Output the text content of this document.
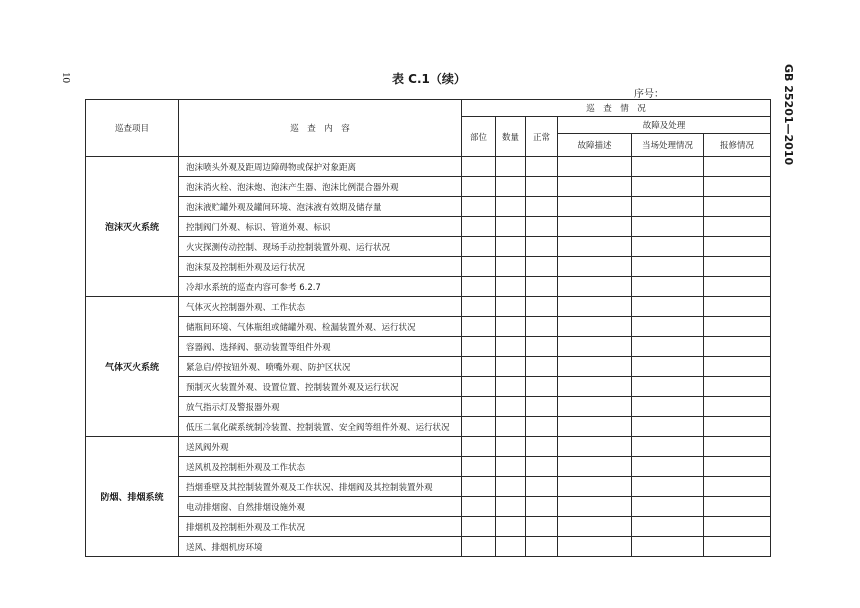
10	GB 25201—2010
表 C.1（续）
序号：
巡查项目	巡　查　内　容	巡　查　情　况					
		部位	数量	正常	故障及处理		
					故障描述	当场处理情况	报修情况
泡沫灭火系统	泡沫喷头外观及距周边障碍物或保护对象距离						
	泡沫消火栓、泡沫炮、泡沫产生器、泡沫比例混合器外观						
	泡沫液贮罐外观及罐间环境、泡沫液有效期及储存量						
	控制阀门外观、标识、管道外观、标识						
	火灾探测传动控制、现场手动控制装置外观、运行状况						
	泡沫泵及控制柜外观及运行状况						
	冷却水系统的巡查内容可参考 6.2.7						
气体灭火系统	气体灭火控制器外观、工作状态						
	储瓶间环境、气体瓶组或储罐外观、检漏装置外观、运行状况						
	容器阀、选择阀、驱动装置等组件外观						
	紧急启/停按钮外观、喷嘴外观、防护区状况						
	预制灭火装置外观、设置位置、控制装置外观及运行状况						
	放气指示灯及警报器外观						
	低压二氧化碳系统制冷装置、控制装置、安全阀等组件外观、运行状况						
防烟、排烟系统	送风阀外观						
	送风机及控制柜外观及工作状态						
	挡烟垂壁及其控制装置外观及工作状况、排烟阀及其控制装置外观						
	电动排烟窗、自然排烟设施外观						
	排烟机及控制柜外观及工作状况						
	送风、排烟机房环境						
